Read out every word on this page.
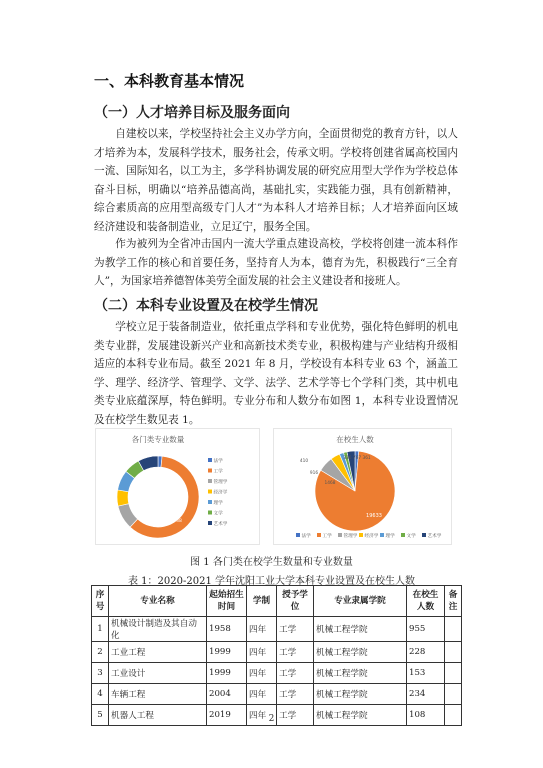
一、本科教育基本情况
（一）人才培养目标及服务面向
自建校以来，学校坚持社会主义办学方向，全面贯彻党的教育方针，以人才培养为本，发展科学技术，服务社会，传承文明。学校将创建省属高校国内一流、国际知名，以工为主，多学科协调发展的研究应用型大学作为学校总体奋斗目标，明确以“培养品德高尚，基础扎实，实践能力强，具有创新精神，综合素质高的应用型高级专门人才”为本科人才培养目标；人才培养面向区域经济建设和装备制造业，立足辽宁，服务全国。
作为被列为全省冲击国内一流大学重点建设高校，学校将创建一流本科作为教学工作的核心和首要任务，坚持育人为本，德育为先，积极践行“三全育人”，为国家培养德智体美劳全面发展的社会主义建设者和接班人。
（二）本科专业设置及在校学生情况
学校立足于装备制造业，依托重点学科和专业优势，强化特色鲜明的机电类专业群，发展建设新兴产业和高新技术类专业，积极构建与产业结构升级相适应的本科专业布局。截至 2021 年 8 月，学校设有本科专业 63 个，涵盖工学、理学、经济学、管理学、文学、法学、艺术学等七个学科门类，其中机电类专业底蕴深厚，特色鲜明。专业分布和人数分布如图 1，本科专业设置情况及在校学生数见表 1。
各门类专业数量
法学
工学
管理学
经济学
理学
文学
艺术学
38
在校生人数
法学	工学	管理学 经济学 理学	文学	艺术学
410
916
1468
336 767 361
19633
图 1 各门类在校学生数量和专业数量
表 1：2020-2021 学年沈阳工业大学本科专业设置及在校生人数
序号	专业名称	起始招生时间	学制	授予学位	专业隶属学院	在校生人数	备注
1	机械设计制造及其自动化	1958	四年	工学	机械工程学院	955	
2	工业工程	1999	四年	工学	机械工程学院	228	
3	工业设计	1999	四年	工学	机械工程学院	153	
4	车辆工程	2004	四年	工学	机械工程学院	234	
5	机器人工程	2019	四年	工学	机械工程学院	108	
2
